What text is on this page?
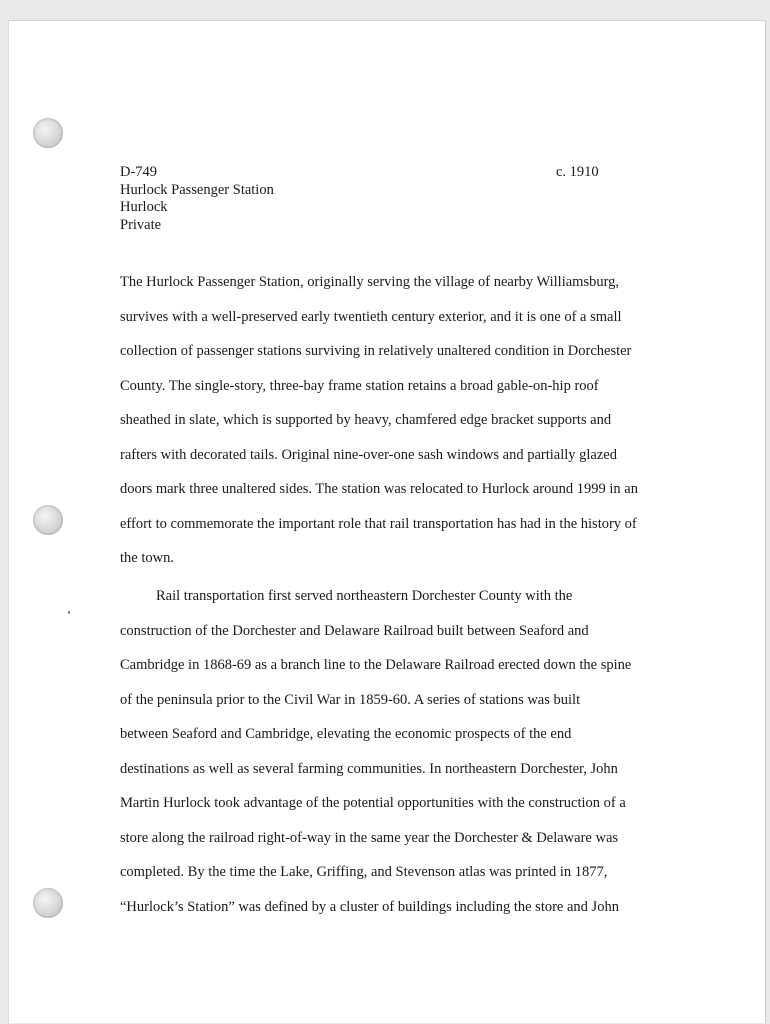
D-749
Hurlock Passenger Station
Hurlock
Private
c. 1910
The Hurlock Passenger Station, originally serving the village of nearby Williamsburg,
survives with a well-preserved early twentieth century exterior, and it is one of a small
collection of passenger stations surviving in relatively unaltered condition in Dorchester
County. The single-story, three-bay frame station retains a broad gable-on-hip roof
sheathed in slate, which is supported by heavy, chamfered edge bracket supports and
rafters with decorated tails. Original nine-over-one sash windows and partially glazed
doors mark three unaltered sides. The station was relocated to Hurlock around 1999 in an
effort to commemorate the important role that rail transportation has had in the history of
the town.
Rail transportation first served northeastern Dorchester County with the
construction of the Dorchester and Delaware Railroad built between Seaford and
Cambridge in 1868-69 as a branch line to the Delaware Railroad erected down the spine
of the peninsula prior to the Civil War in 1859-60. A series of stations was built
between Seaford and Cambridge, elevating the economic prospects of the end
destinations as well as several farming communities. In northeastern Dorchester, John
Martin Hurlock took advantage of the potential opportunities with the construction of a
store along the railroad right-of-way in the same year the Dorchester & Delaware was
completed. By the time the Lake, Griffing, and Stevenson atlas was printed in 1877,
“Hurlock’s Station” was defined by a cluster of buildings including the store and John
